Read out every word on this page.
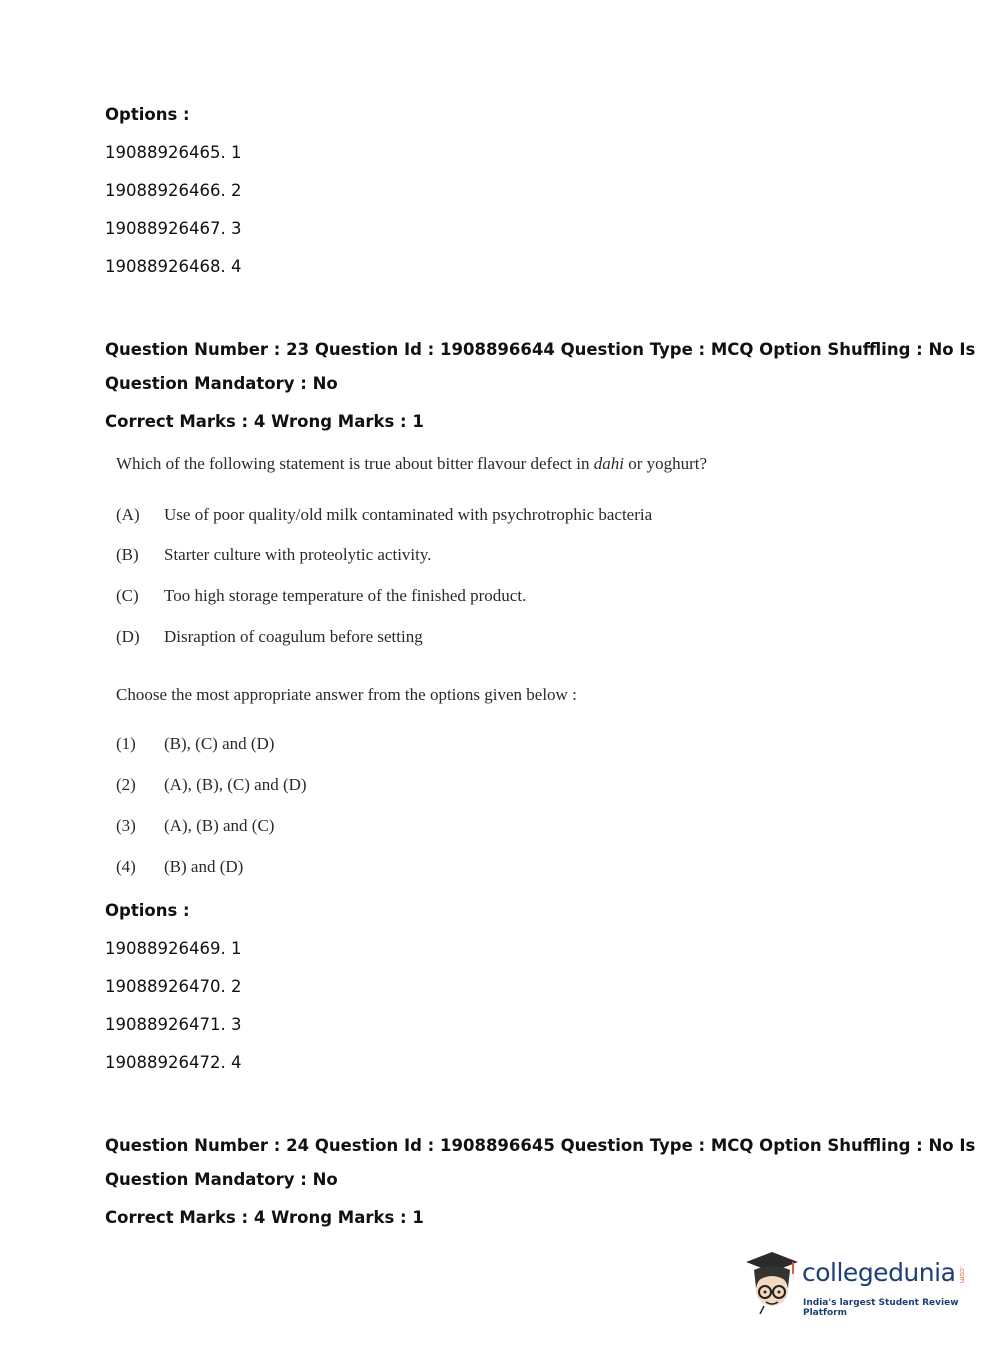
Options :
19088926465. 1
19088926466. 2
19088926467. 3
19088926468. 4
Question Number : 23 Question Id : 1908896644 Question Type : MCQ Option Shuffling : No Is
Question Mandatory : No
Correct Marks : 4 Wrong Marks : 1
Which of the following statement is true about bitter flavour defect in dahi or yoghurt?
(A) Use of poor quality/old milk contaminated with psychrotrophic bacteria
(B) Starter culture with proteolytic activity.
(C) Too high storage temperature of the finished product.
(D) Disraption of coagulum before setting
Choose the most appropriate answer from the options given below :
(1) (B), (C) and (D)
(2) (A), (B), (C) and (D)
(3) (A), (B) and (C)
(4) (B) and (D)
Options :
19088926469. 1
19088926470. 2
19088926471. 3
19088926472. 4
Question Number : 24 Question Id : 1908896645 Question Type : MCQ Option Shuffling : No Is
Question Mandatory : No
Correct Marks : 4 Wrong Marks : 1
collegedunia .com
India's largest Student Review Platform
